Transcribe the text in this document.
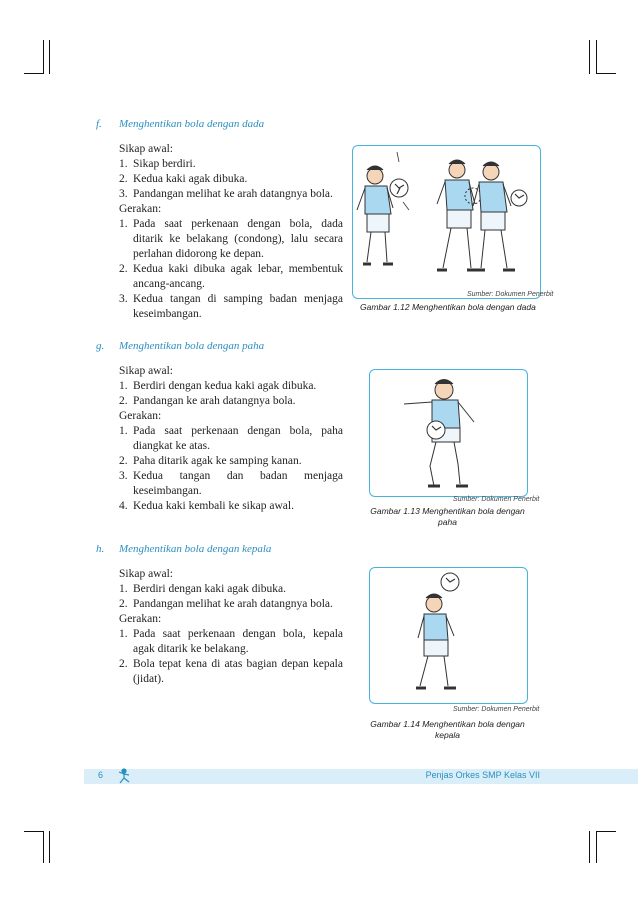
f. Menghentikan bola dengan dada
Sikap awal:
1. Sikap berdiri.
2. Kedua kaki agak dibuka.
3. Pandangan melihat ke arah datangnya bola.
Gerakan:
1. Pada saat perkenaan dengan bola, dada ditarik ke belakang (condong), lalu secara perlahan didorong ke depan.
2. Kedua kaki dibuka agak lebar, membentuk ancang-ancang.
3. Kedua tangan di samping badan menjaga keseimbangan.
Sumber: Dokumen Penerbit
Gambar 1.12 Menghentikan bola dengan dada
g. Menghentikan bola dengan paha
Sikap awal:
1. Berdiri dengan kedua kaki agak dibuka.
2. Pandangan ke arah datangnya bola.
Gerakan:
1. Pada saat perkenaan dengan bola, paha diangkat ke atas.
2. Paha ditarik agak ke samping kanan.
3. Kedua tangan dan badan menjaga keseimbangan.
4. Kedua kaki kembali ke sikap awal.
Sumber: Dokumen Penerbit
Gambar 1.13 Menghentikan bola dengan
paha
h. Menghentikan bola dengan kepala
Sikap awal:
1. Berdiri dengan kaki agak dibuka.
2. Pandangan melihat ke arah datangnya bola.
Gerakan:
1. Pada saat perkenaan dengan bola, kepala agak ditarik ke belakang.
2. Bola tepat kena di atas bagian depan kepala (jidat).
Sumber: Dokumen Penerbit
Gambar 1.14 Menghentikan bola dengan
kepala
6	Penjas Orkes SMP Kelas VII
